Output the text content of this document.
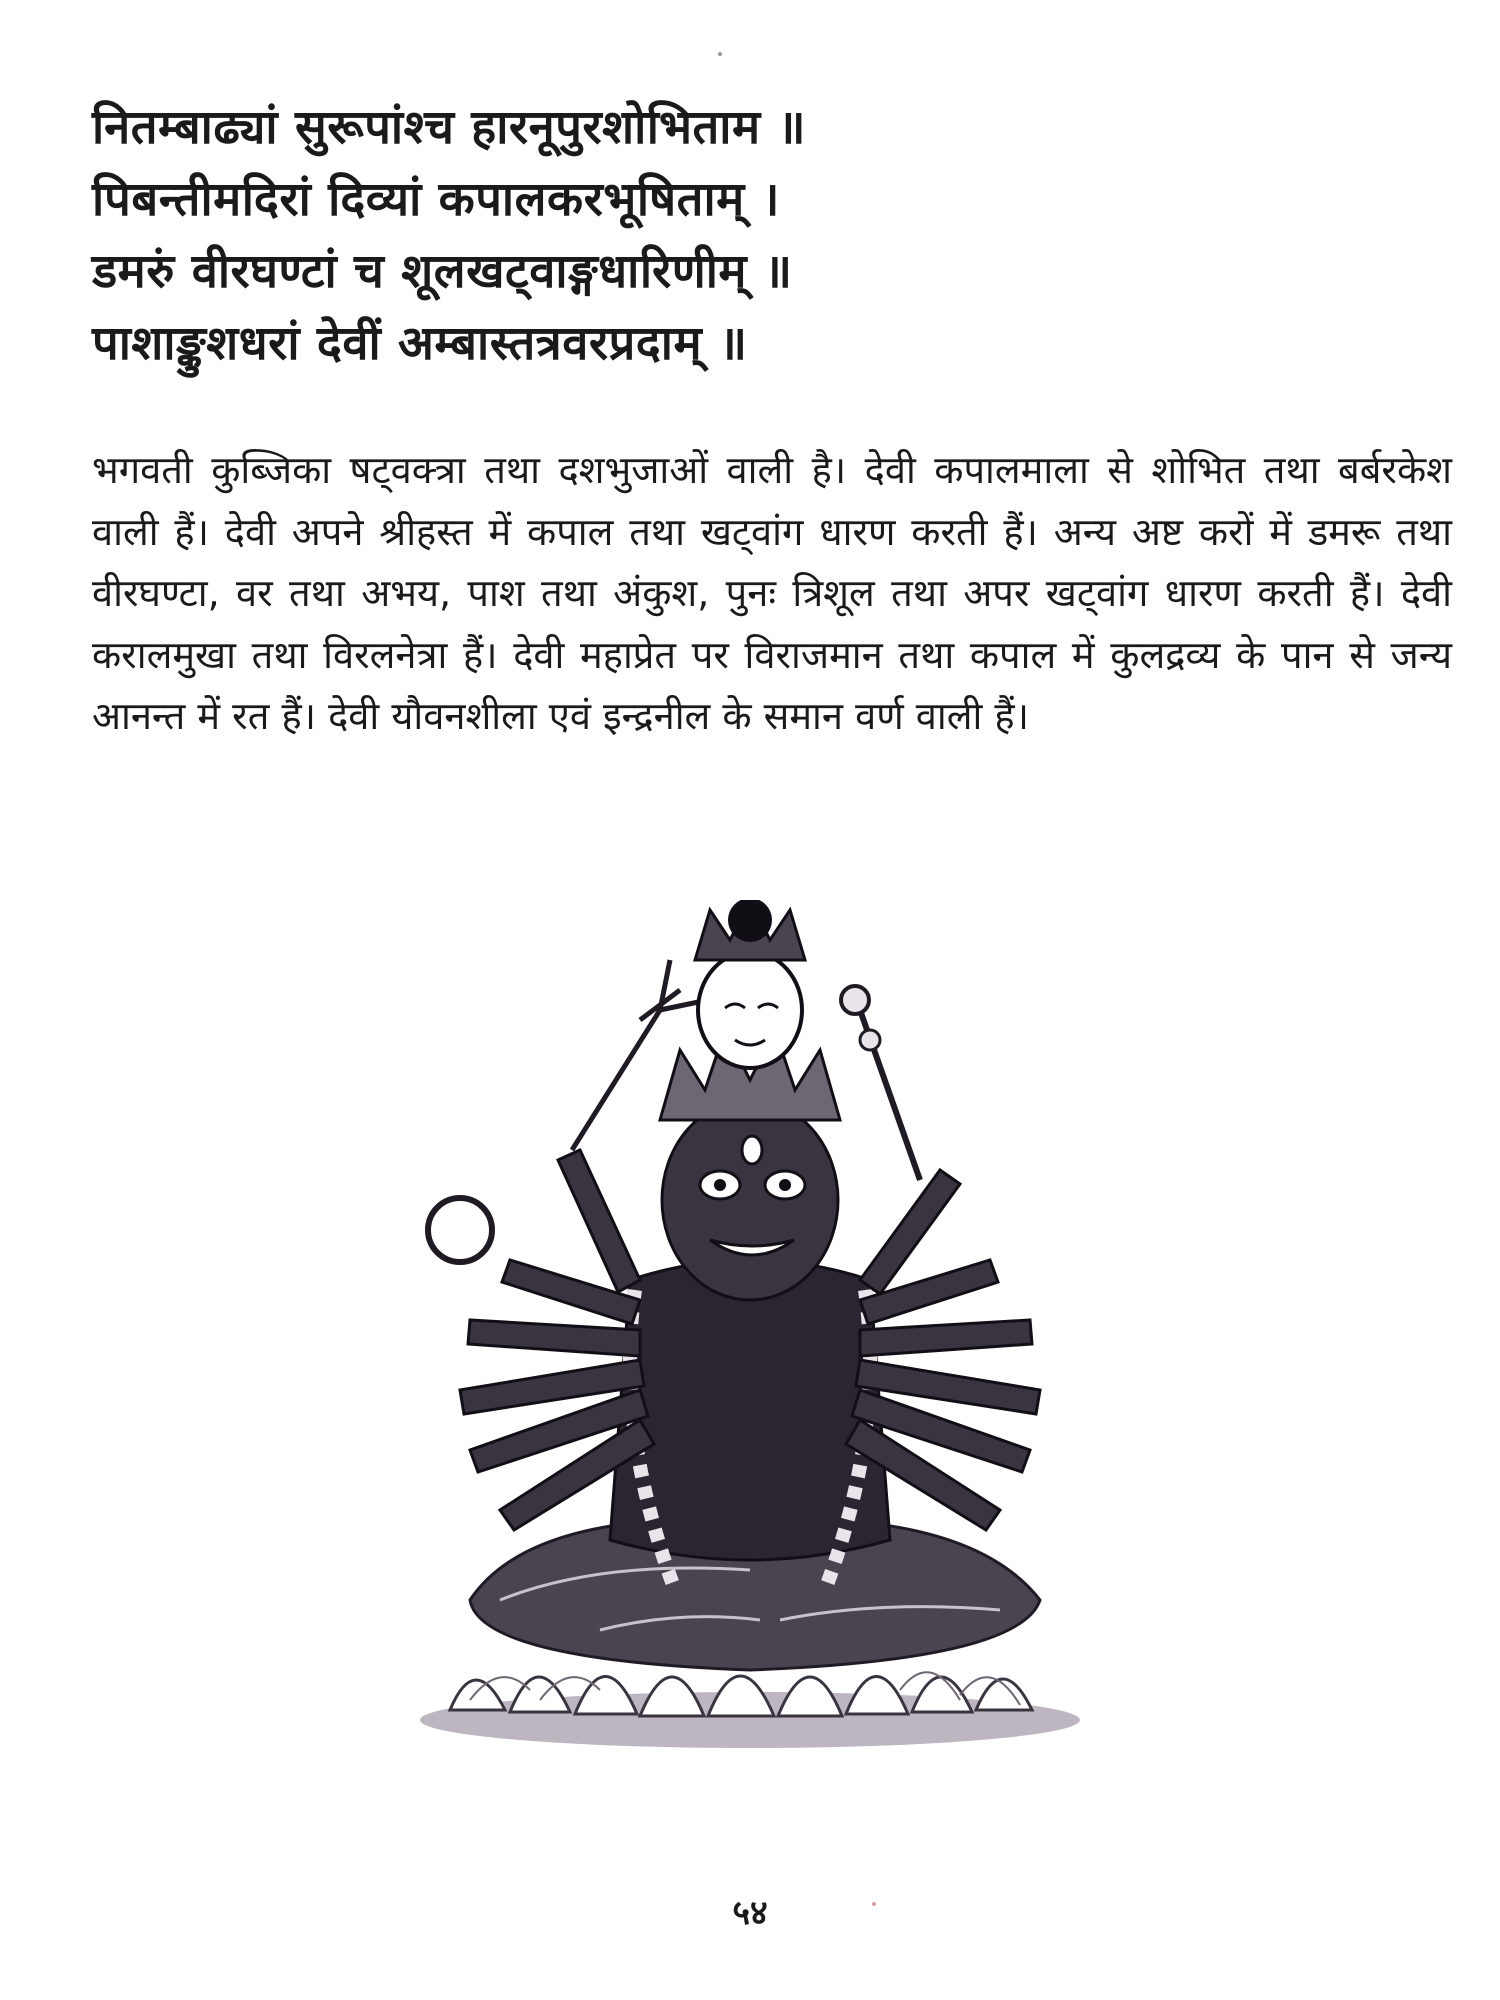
नितम्बाढ्यां सुरूपांश्च हारनूपुरशोभिताम ॥
पिबन्तीमदिरां दिव्यां कपालकरभूषिताम् ।
डमरुं वीरघण्टां च शूलखट्वाङ्गधारिणीम् ॥
पाशाङ्कुशधरां देवीं अम्बास्तत्रवरप्रदाम् ॥
भगवती कुब्जिका षट्वक्त्रा तथा दशभुजाओं वाली है। देवी कपालमाला से शोभित तथा बर्बरकेश वाली हैं। देवी अपने श्रीहस्त में कपाल तथा खट्वांग धारण करती हैं। अन्य अष्ट करों में डमरू तथा वीरघण्टा, वर तथा अभय, पाश तथा अंकुश, पुनः त्रिशूल तथा अपर खट्वांग धारण करती हैं। देवी करालमुखा तथा विरलनेत्रा हैं। देवी महाप्रेत पर विराजमान तथा कपाल में कुलद्रव्य के पान से जन्य आनन्त में रत हैं। देवी यौवनशीला एवं इन्द्रनील के समान वर्ण वाली हैं।
५४
